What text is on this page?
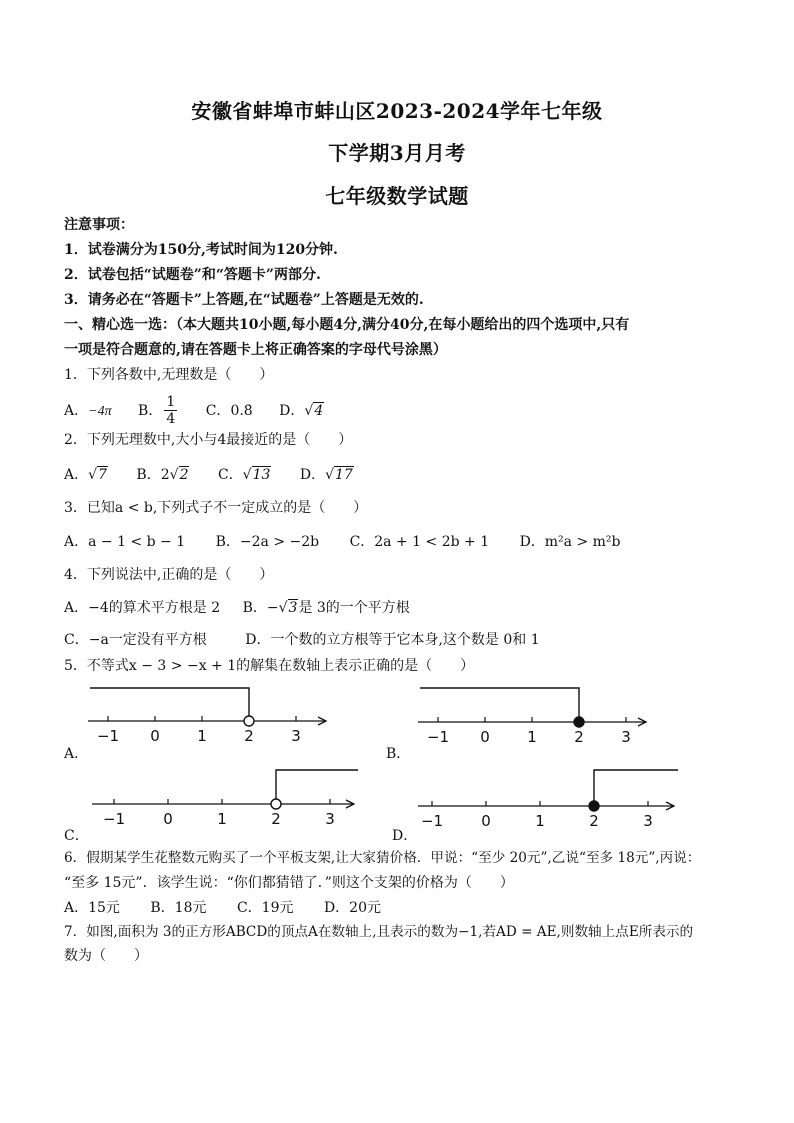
安徽省蚌埠市蚌山区2023-2024学年七年级
下学期3月月考
七年级数学试题
注意事项：
1．试卷满分为150分,考试时间为120分钟.
2．试卷包括“试题卷”和“答题卡”两部分.
3．请务必在“答题卡”上答题,在“试题卷”上答题是无效的.
一、精心选一选：（本大题共10小题,每小题4分,满分40分,在每小题给出的四个选项中,只有
一项是符合题意的,请在答题卡上将正确答案的字母代号涂黑）
1．下列各数中,无理数是（　　）
A．−4π B． $\frac{1}{4}$ C．0.8̇ D．√4
2．下列无理数中,大小与4最接近的是（　　）
A．√7 B．2√2 C．√13 D．√17
3．已知a < b,下列式子不一定成立的是（　　）
A．a − 1 < b − 1 B．−2a > −2b C．2a + 1 < 2b + 1 D．m²a > m²b
4．下列说法中,正确的是（　　）
A．−4的算术平方根是 2 B．−√3是 3的一个平方根
C．−a一定没有平方根	D．一个数的立方根等于它本身,这个数是 0和 1
5．不等式x − 3 > −x + 1的解集在数轴上表示正确的是（　　）
A．	B．
C．	D．
−1 0 1 2 3	−1 0 1 2 3
−1	0	1	2	3	−1	0	1	2	3
6．假期某学生花整数元购买了一个平板支架,让大家猜价格．甲说：“至少 20元”,乙说“至多 18元”,丙说：
“至多 15元”．该学生说：“你们都猜错了．”则这个支架的价格为（　　）
A．15元 B．18元 C．19元 D．20元
7．如图,面积为 3的正方形ABCD的顶点A在数轴上,且表示的数为−1,若AD = AE,则数轴上点E所表示的
数为（　　）
